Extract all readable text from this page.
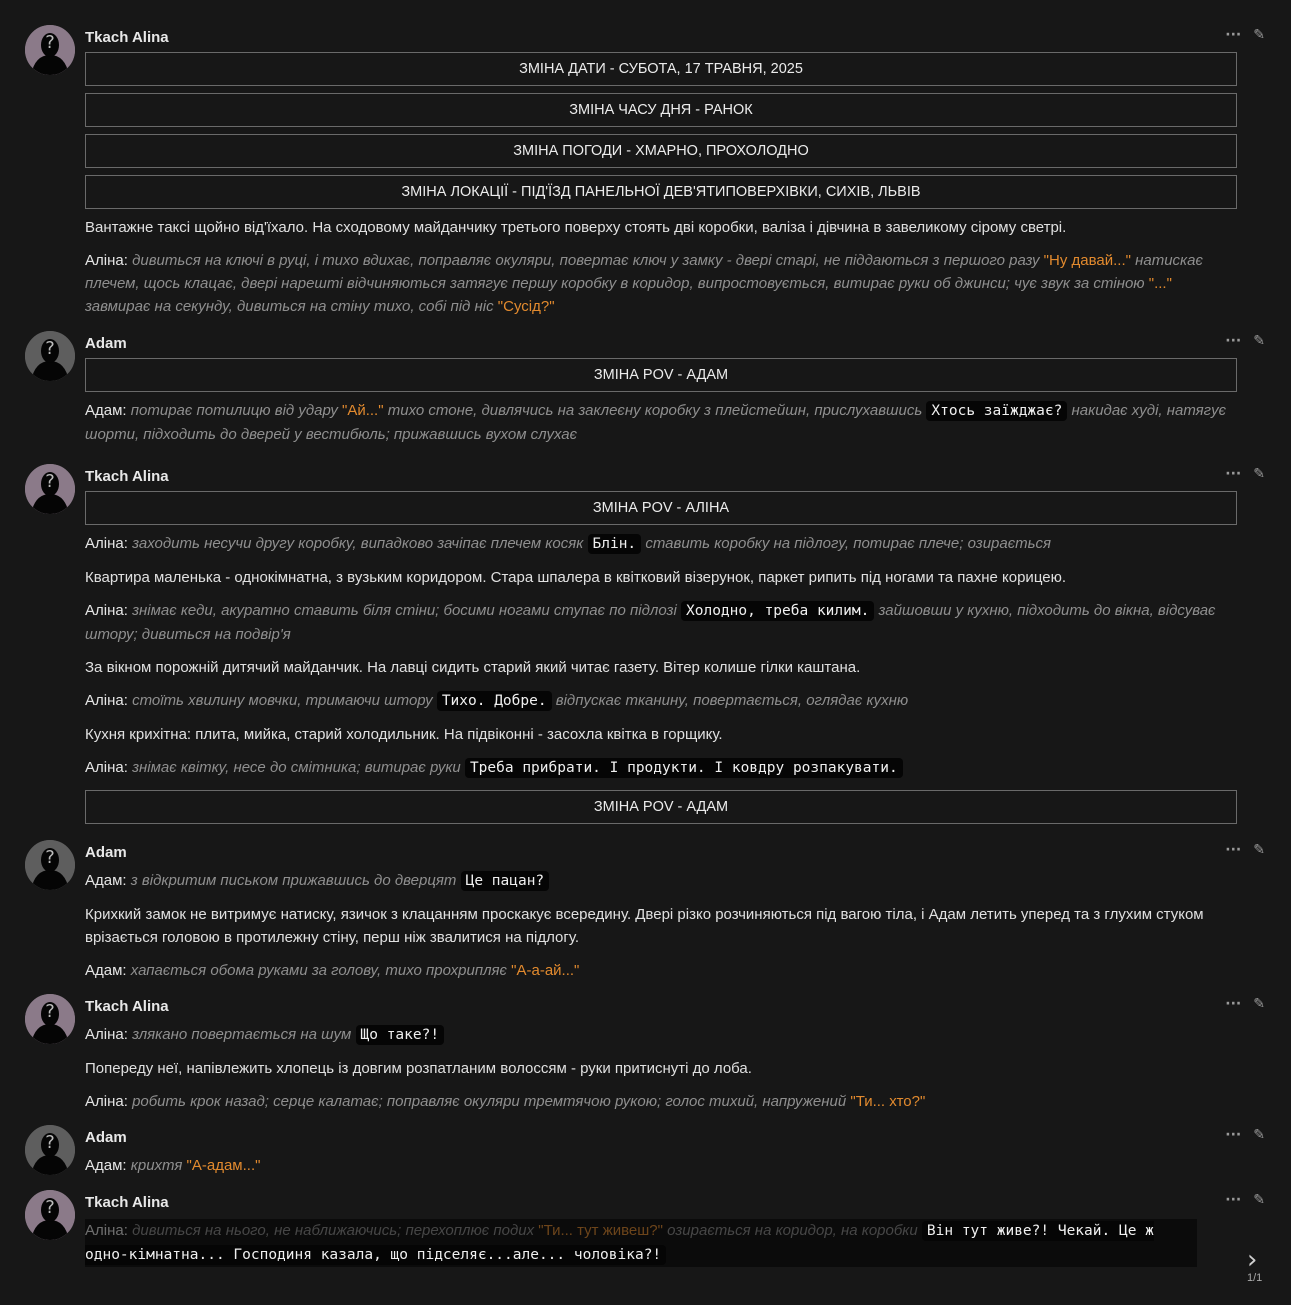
? Tkach Alina	··· ✎
ЗМІНА ДАТИ - СУБОТА, 17 ТРАВНЯ, 2025
ЗМІНА ЧАСУ ДНЯ - РАНОК
ЗМІНА ПОГОДИ - ХМАРНО, ПРОХОЛОДНО
ЗМІНА ЛОКАЦІЇ - ПІД'ЇЗД ПАНЕЛЬНОЇ ДЕВ'ЯТИПОВЕРХІВКИ, СИХІВ, ЛЬВІВ

Вантажне таксі щойно від'їхало. На сходовому майданчику третього поверху стоять дві коробки, валіза і дівчина в завеликому сірому светрі.

Аліна: дивиться на ключі в руці, і тихо вдихає, поправляє окуляри, повертає ключ у замку - двері старі, не піддаються з першого разу "Ну давай..." натискає плечем, щось клацає, двері нарешті відчиняються затягує першу коробку в коридор, випростовується, витирає руки об джинси; чує звук за стіною "..." завмирає на секунду, дивиться на стіну тихо, собі під ніс "Сусід?"

? Adam	··· ✎
ЗМІНА POV - АДАМ

Адам: потирає потилицю від удару "Ай..." тихо стоне, дивлячись на заклеєну коробку з плейстейшн, прислухавшись Хтось заїжджає? накидає худі, натягує шорти, підходить до дверей у вестибюль; прижавшись вухом слухає

? Tkach Alina	··· ✎
ЗМІНА POV - АЛІНА

Аліна: заходить несучи другу коробку, випадково зачіпає плечем косяк Блін. ставить коробку на підлогу, потирає плече; озирається

Квартира маленька - однокімнатна, з вузьким коридором. Стара шпалера в квітковий візерунок, паркет рипить під ногами та пахне корицею.

Аліна: знімає кеди, акуратно ставить біля стіни; босими ногами ступає по підлозі Холодно, треба килим. зайшовши у кухню, підходить до вікна, відсуває штору; дивиться на подвір'я

За вікном порожній дитячий майданчик. На лавці сидить старий який читає газету. Вітер колише гілки каштана.

Аліна: стоїть хвилину мовчки, тримаючи штору Тихо. Добре. відпускає тканину, повертається, оглядає кухню

Кухня крихітна: плита, мийка, старий холодильник. На підвіконні - засохла квітка в горщику.

Аліна: знімає квітку, несе до смітника; витирає руки Треба прибрати. І продукти. І ковдру розпакувати.

ЗМІНА POV - АДАМ
? Adam	··· ✎

Адам: з відкритим письком прижавшись до дверцят Це пацан?

Крихкий замок не витримує натиску, язичок з клацанням проскакує всередину. Двері різко розчиняються під вагою тіла, і Адам летить уперед та з глухим стуком врізається головою в протилежну стіну, перш ніж звалитися на підлогу.

Адам: хапається обома руками за голову, тихо прохрипляє "А-а-ай..."

? Tkach Alina	··· ✎

Аліна: злякано повертається на шум Що таке?!

Попереду неї, напівлежить хлопець із довгим розпатланим волоссям - руки притиснуті до лоба.

Аліна: робить крок назад; серце калатає; поправляє окуляри тремтячою рукою; голос тихий, напружений "Ти... хто?"

? Adam	··· ✎

Адам: крихтя "А-адам..."

? Tkach Alina	··· ✎

Аліна: дивиться на нього, не наближаючись; перехоплює подих "Ти... тут живеш?" озирається на коридор, на коробки Він тут живе?! Чекай. Це ж одно-кімнатна... Господиня казала, що підселяє...але... чоловіка?!	›
1/1
